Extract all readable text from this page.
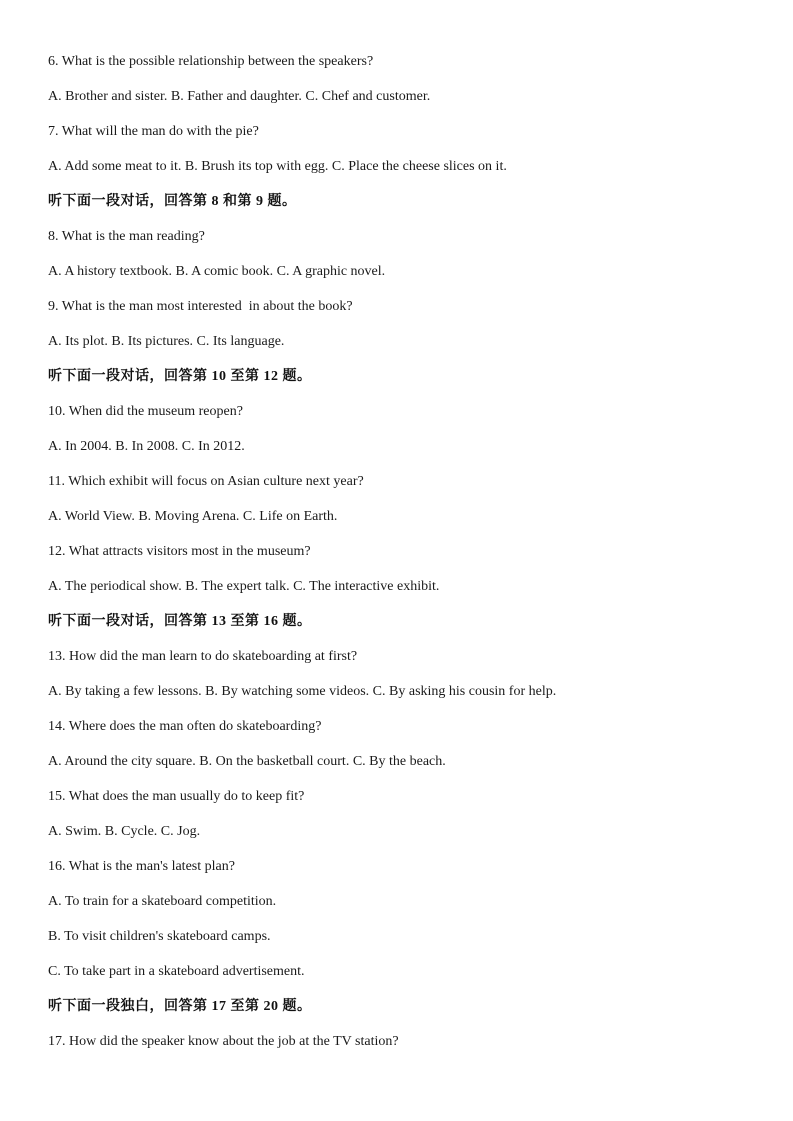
6. What is the possible relationship between the speakers?
A. Brother and sister. B. Father and daughter. C. Chef and customer.
7. What will the man do with the pie?
A. Add some meat to it. B. Brush its top with egg. C. Place the cheese slices on it.
听下面一段对话，回答第 8 和第 9 题。
8. What is the man reading?
A. A history textbook. B. A comic book. C. A graphic novel.
9. What is the man most interested  in about the book?
A. Its plot. B. Its pictures. C. Its language.
听下面一段对话，回答第 10 至第 12 题。
10. When did the museum reopen?
A. In 2004. B. In 2008. C. In 2012.
11. Which exhibit will focus on Asian culture next year?
A. World View. B. Moving Arena. C. Life on Earth.
12. What attracts visitors most in the museum?
A. The periodical show. B. The expert talk. C. The interactive exhibit.
听下面一段对话，回答第 13 至第 16 题。
13. How did the man learn to do skateboarding at first?
A. By taking a few lessons. B. By watching some videos. C. By asking his cousin for help.
14. Where does the man often do skateboarding?
A. Around the city square. B. On the basketball court. C. By the beach.
15. What does the man usually do to keep fit?
A. Swim. B. Cycle. C. Jog.
16. What is the man's latest plan?
A. To train for a skateboard competition.
B. To visit children's skateboard camps.
C. To take part in a skateboard advertisement.
听下面一段独白，回答第 17 至第 20 题。
17. How did the speaker know about the job at the TV station?
